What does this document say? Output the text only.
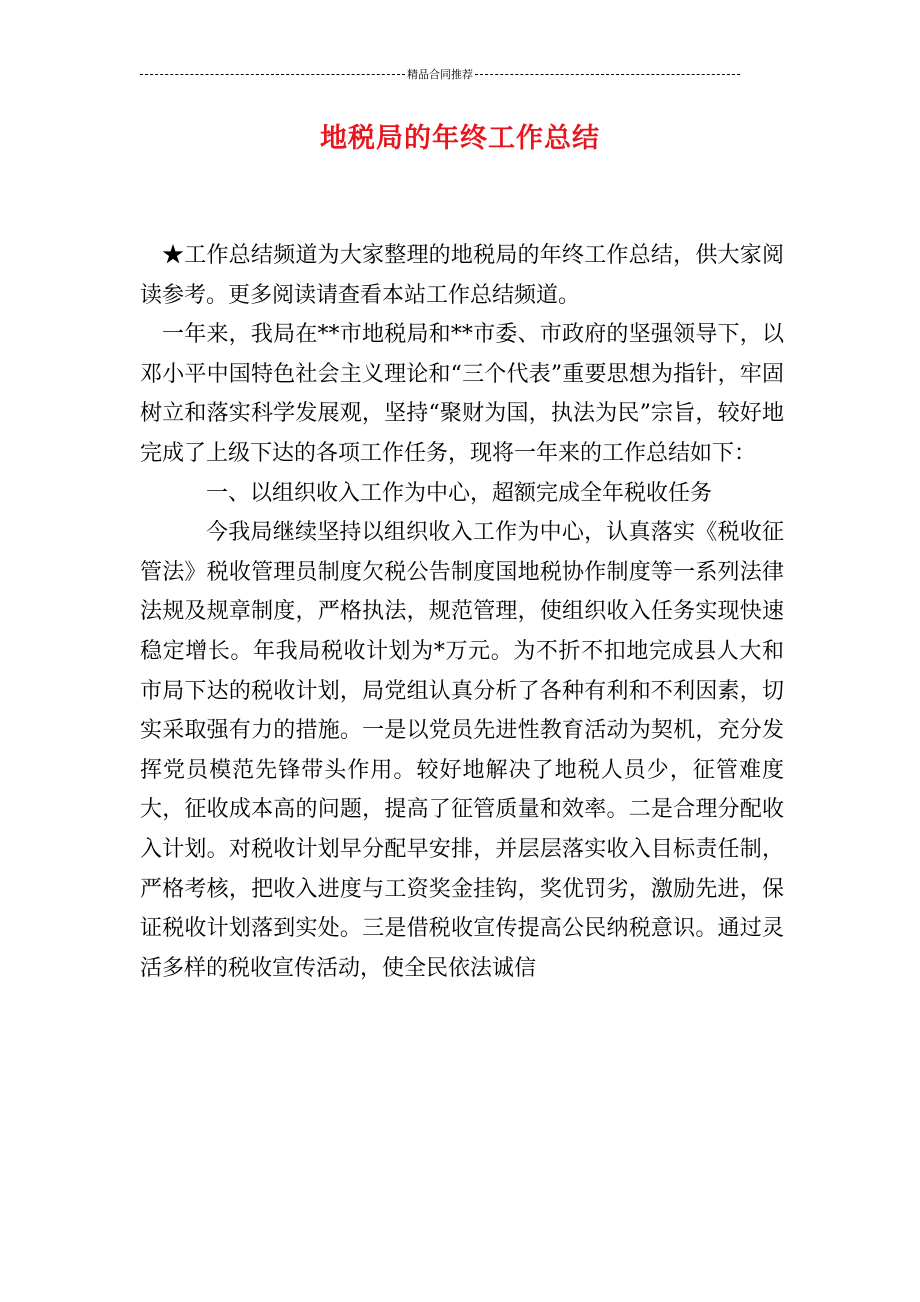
精品合同推荐
地税局的年终工作总结

★工作总结频道为大家整理的地税局的年终工作总结，供大家阅读参考。更多阅读请查看本站工作总结频道。

一年来，我局在**市地税局和**市委、市政府的坚强领导下，以邓小平中国特色社会主义理论和“三个代表”重要思想为指针，牢固树立和落实科学发展观，坚持“聚财为国，执法为民”宗旨，较好地完成了上级下达的各项工作任务，现将一年来的工作总结如下：

一、以组织收入工作为中心，超额完成全年税收任务

今我局继续坚持以组织收入工作为中心，认真落实《税收征管法》税收管理员制度欠税公告制度国地税协作制度等一系列法律法规及规章制度，严格执法，规范管理，使组织收入任务实现快速稳定增长。年我局税收计划为*万元。为不折不扣地完成县人大和市局下达的税收计划，局党组认真分析了各种有利和不利因素，切实采取强有力的措施。一是以党员先进性教育活动为契机，充分发挥党员模范先锋带头作用。较好地解决了地税人员少，征管难度大，征收成本高的问题，提高了征管质量和效率。二是合理分配收入计划。对税收计划早分配早安排，并层层落实收入目标责任制，严格考核，把收入进度与工资奖金挂钩，奖优罚劣，激励先进，保证税收计划落到实处。三是借税收宣传提高公民纳税意识。通过灵活多样的税收宣传活动，使全民依法诚信
